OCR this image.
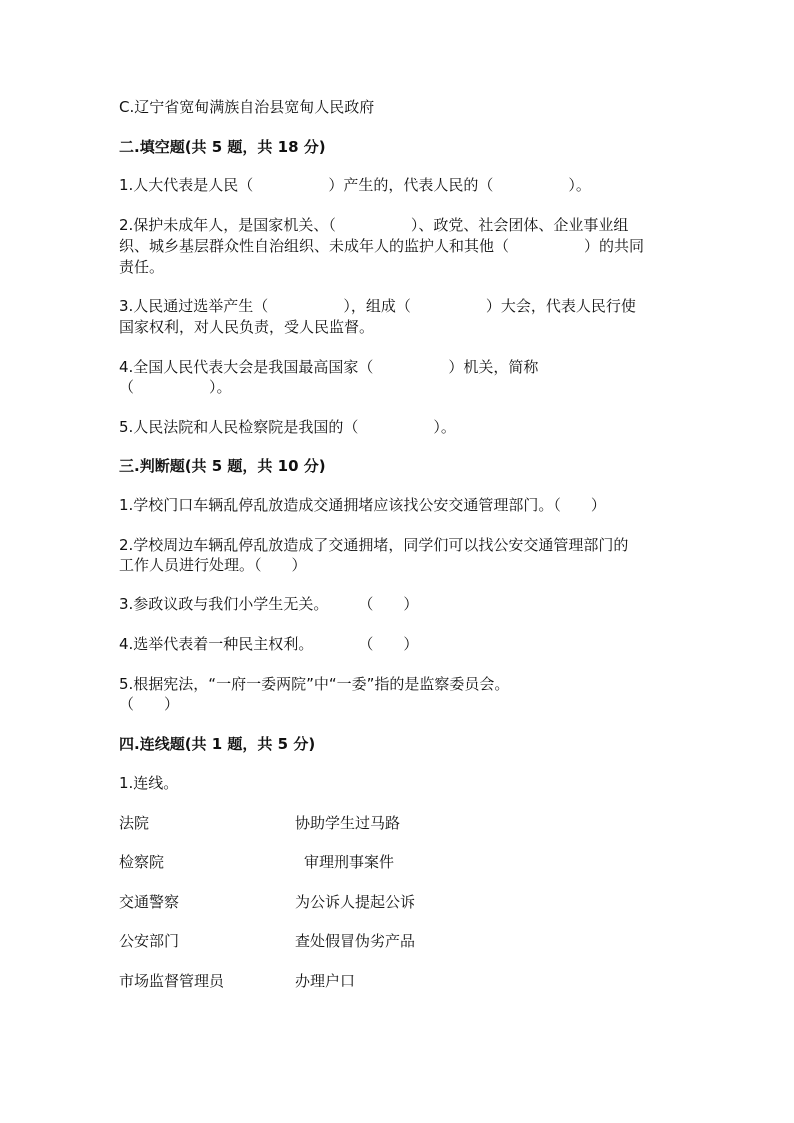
C.辽宁省宽甸满族自治县宽甸人民政府
二.填空题(共 5 题，共 18 分)
1.人大代表是人民（　　　　　）产生的，代表人民的（　　　　　）。
2.保护未成年人，是国家机关、（　　　　　）、政党、社会团体、企业事业组
织、城乡基层群众性自治组织、未成年人的监护人和其他（　　　　　）的共同
责任。
3.人民通过选举产生（　　　　　），组成（　　　　　）大会，代表人民行使
国家权利，对人民负责，受人民监督。
4.全国人民代表大会是我国最高国家（　　　　　）机关，简称
（　　　　　）。
5.人民法院和人民检察院是我国的（　　　　　）。
三.判断题(共 5 题，共 10 分)
1.学校门口车辆乱停乱放造成交通拥堵应该找公安交通管理部门。（　　）
2.学校周边车辆乱停乱放造成了交通拥堵，同学们可以找公安交通管理部门的
工作人员进行处理。（　　）
3.参政议政与我们小学生无关。　　　（　　）
4.选举代表着一种民主权利。　　　　（　　）
5.根据宪法，“一府一委两院”中“一委”指的是监察委员会。
（　　）
四.连线题(共 1 题，共 5 分)
1.连线。
法院
检察院
交通警察
公安部门
市场监督管理员
协助学生过马路
审理刑事案件
为公诉人提起公诉
查处假冒伪劣产品
办理户口
